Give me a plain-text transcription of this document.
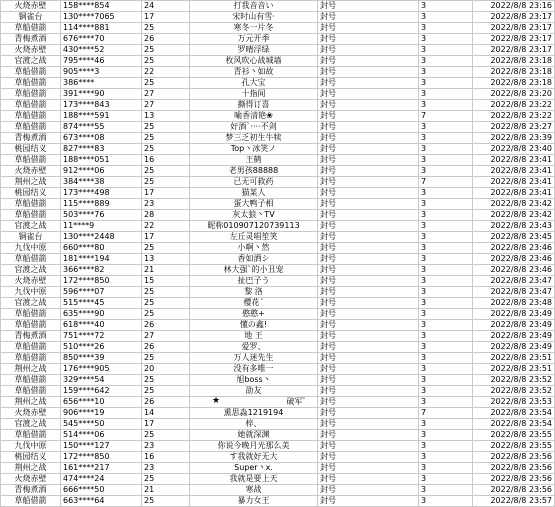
火烧赤壁	158****854	24	打我音音い	封号	3	2022/8/8 23:16
铜雀台	130****7065	17	宋时山有雪·	封号	3	2022/8/8 23:17
草船借箭	114****881	25	寒冬一片冬	封号	3	2022/8/8 23:17
青梅煮酒	676****70	26	万元开季	封号	3	2022/8/8 23:17
火烧赤壁	430****52	25	罗晴浮绿	封号	3	2022/8/8 23:17
官渡之战	795****46	25	枚风吹心战城墙	封号	3	2022/8/8 23:18
草船借箭	905****3	22	青衫丶如故	封号	3	2022/8/8 23:18
草船借箭	386****	25	孔大宝	封号	3	2022/8/8 23:18
草船借箭	391****90	27	十指间	封号	3	2022/8/8 23:20
草船借箭	173****843	27	撕得订喜	封号	3	2022/8/8 23:22
草船借箭	188****591	13	喻香清艳❀	封号	7	2022/8/8 23:22
草船借箭	874****55	25	好酒`····不剑	封号	3	2022/8/8 23:27
青梅煮酒	673****08	25	梦三乏初生牛犊	封号	3	2022/8/8 23:39
桃园结义	827****83	25	Top丶冰笑ノ	封号	3	2022/8/8 23:40
草船借箭	188****051	16	王鹤	封号	3	2022/8/8 23:41
火烧赤壁	912****06	25	老男孩88888	封号	3	2022/8/8 23:41
荆州之战	384****38	25	已无可救药	封号	7	2022/8/8 23:41
桃园结义	173****498	17	猫某人	封号	3	2022/8/8 23:41
草船借箭	115****889	23	蛋大鸭子相	封号	3	2022/8/8 23:42
草船借箭	503****76	28	灰太狼丶TV	封号	3	2022/8/8 23:42
官渡之战	11****9	22	昵称010907120739113	封号	3	2022/8/8 23:43
铜雀台	130****2448	17	左丘灵唱笙笑	封号	3	2022/8/8 23:45
九伐中原	660****80	25	小啊丶然	封号	3	2022/8/8 23:46
草船借箭	181****194	13	香如洒シ	封号	3	2022/8/8 23:46
官渡之战	366****82	21	林大强`的小丑宠	封号	3	2022/8/8 23:46
火烧赤壁	172****850	15	扯巴子う	封号	3	2022/8/8 23:47
九伐中原	596****07	25	黎 洛	封号	3	2022/8/8 23:47
官渡之战	515****45	25	樱花´	封号	3	2022/8/8 23:48
草船借箭	635****90	25	憨憨+	封号	3	2022/8/8 23:49
草船借箭	618****40	26	懂の鑫!	封号	3	2022/8/8 23:49
青梅煮酒	751****72	27	地 王	封号	3	2022/8/8 23:49
草船借箭	510****26	26	爱罗、	封号	3	2022/8/8 23:49
草船借箭	850****39	25	万人迷先生	封号	3	2022/8/8 23:51
荆州之战	176****905	20	没有多唯一	封号	3	2022/8/8 23:51
草船借箭	329****54	25	旭boss丶	封号	3	2022/8/8 23:52
草船借箭	159****642	25	劭友	封号	3	2022/8/8 23:52
荆州之战	656****10	26	★ 破军゜	封号	3	2022/8/8 23:53
火烧赤壁	906****19	14	熏思淼1219194	封号	7	2022/8/8 23:54
官渡之战	545****50	17	梓、	封号	3	2022/8/8 23:54
草船借箭	514****06	25	她就深渊	封号	3	2022/8/8 23:55
九伐中原	150****127	23	你说今晚月光那么美	封号	3	2022/8/8 23:55
桃园结义	172****850	16	す我就好无大	封号	3	2022/8/8 23:56
荆州之战	161****217	23	Super丶x.	封号	3	2022/8/8 23:56
火烧赤壁	474****24	25	我就是要上天	封号	3	2022/8/8 23:56
青梅煮酒	666****50	21	寒战	封号	3	2022/8/8 23:56
草船借箭	663****64	25	暴力女王	封号	3	2022/8/8 23:57
